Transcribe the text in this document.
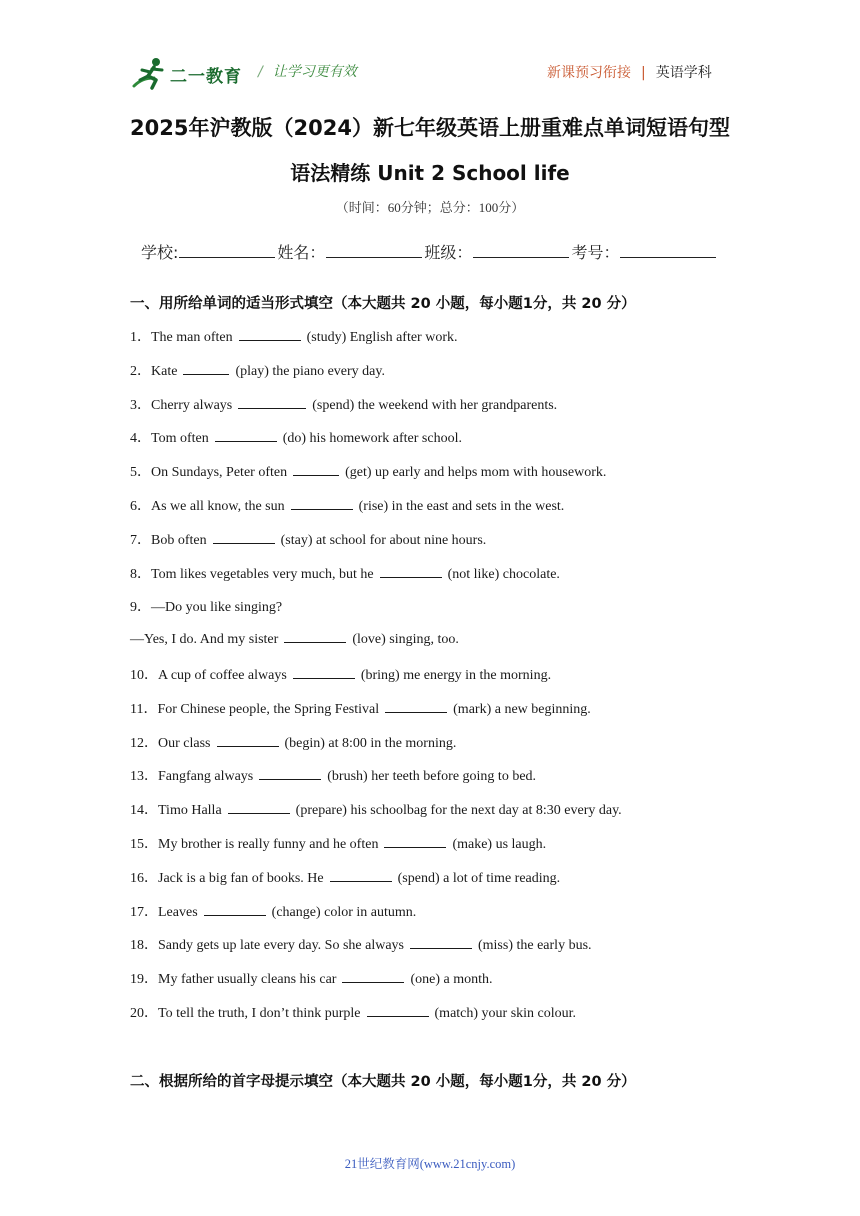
二一教育 / 让学习更有效	新课预习衔接 | 英语学科
2025年沪教版（2024）新七年级英语上册重难点单词短语句型
语法精练 Unit 2 School life
（时间：60分钟；总分：100分）
学校:	姓名：	班级：	考号：
一、用所给单词的适当形式填空（本大题共 20 小题，每小题1分，共 20 分）
1．The man often	(study) English after work.
2．Kate	(play) the piano every day.
3．Cherry always	(spend) the weekend with her grandparents.
4．Tom often	(do) his homework after school.
5．On Sundays, Peter often	(get) up early and helps mom with housework.
6．As we all know, the sun	(rise) in the east and sets in the west.
7．Bob often	(stay) at school for about nine hours.
8．Tom likes vegetables very much, but he	(not like) chocolate.
9．—Do you like singing?
—Yes, I do. And my sister	(love) singing, too.
10．A cup of coffee always	(bring) me energy in the morning.
11．For Chinese people, the Spring Festival	(mark) a new beginning.
12．Our class	(begin) at 8:00 in the morning.
13．Fangfang always	(brush) her teeth before going to bed.
14．Timo Halla	(prepare) his schoolbag for the next day at 8:30 every day.
15．My brother is really funny and he often	(make) us laugh.
16．Jack is a big fan of books. He	(spend) a lot of time reading.
17．Leaves	(change) color in autumn.
18．Sandy gets up late every day. So she always	(miss) the early bus.
19．My father usually cleans his car	(one) a month.
20．To tell the truth, I don’t think purple	(match) your skin colour.
二、根据所给的首字母提示填空（本大题共 20 小题，每小题1分，共 20 分）
21世纪教育网(www.21cnjy.com)
